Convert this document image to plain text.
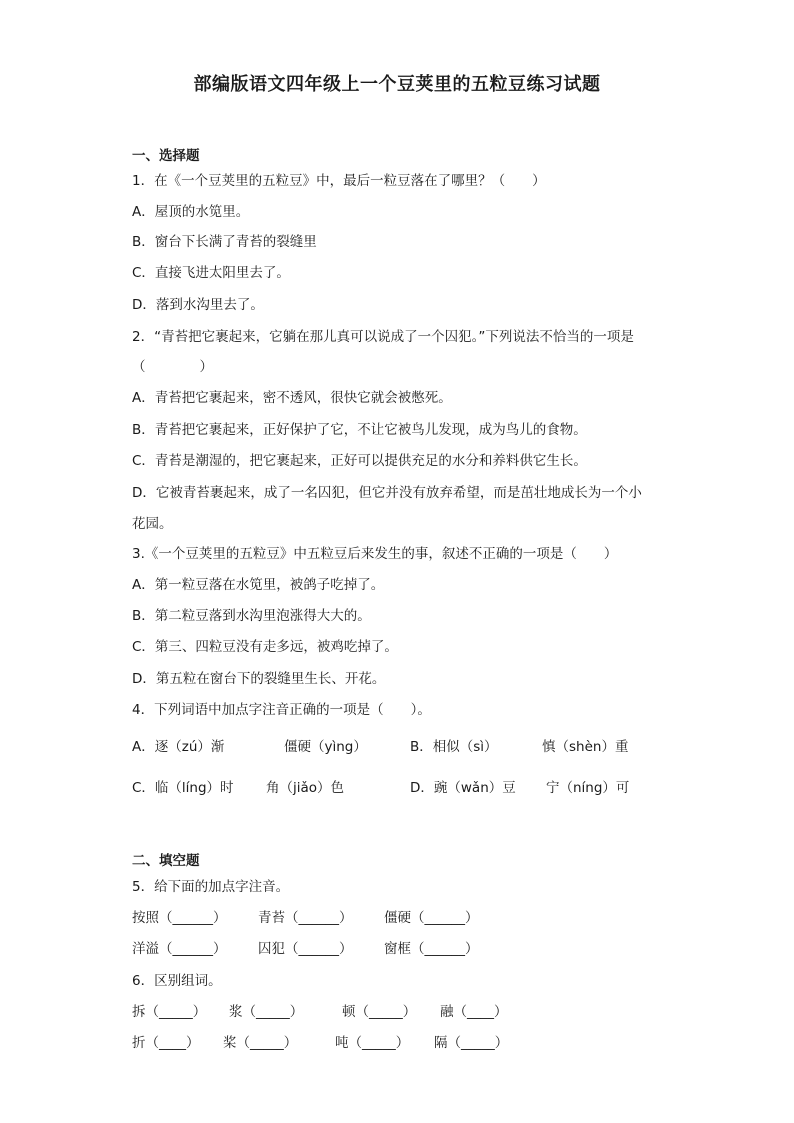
部编版语文四年级上一个豆荚里的五粒豆练习试题
一、选择题
1．在《一个豆荚里的五粒豆》中，最后一粒豆落在了哪里？（　　）
A．屋顶的水笕里。
B．窗台下长满了青苔的裂缝里
C．直接飞进太阳里去了。
D．落到水沟里去了。
2．“青苔把它裹起来，它躺在那儿真可以说成了一个囚犯。”下列说法不恰当的一项是
（　　　　）
A．青苔把它裹起来，密不透风，很快它就会被憋死。
B．青苔把它裹起来，正好保护了它，不让它被鸟儿发现，成为鸟儿的食物。
C．青苔是潮湿的，把它裹起来，正好可以提供充足的水分和养料供它生长。
D．它被青苔裹起来，成了一名囚犯，但它并没有放弃希望，而是茁壮地成长为一个小
花园。
3.《一个豆荚里的五粒豆》中五粒豆后来发生的事，叙述不正确的一项是（　　）
A．第一粒豆落在水笕里，被鸽子吃掉了。
B．第二粒豆落到水沟里泡涨得大大的。
C．第三、四粒豆没有走多远，被鸡吃掉了。
D．第五粒在窗台下的裂缝里生长、开花。
4．下列词语中加点字注音正确的一项是（　　）。
A．逐（zú）渐	僵硬（yìng）	B．相似（sì）	慎（shèn）重
C．临（líng）时 角（jiǎo）色	D．豌（wǎn）豆 宁（níng）可
二、填空题
5．给下面的加点字注音。
按照（______） 青苔（______） 僵硬（______）
洋溢（______） 囚犯（______） 窗框（______）
6．区别组词。
拆（_____） 浆（_____）	顿（_____） 融（____）
折（____） 桨（_____）	吨（_____） 隔（_____）
